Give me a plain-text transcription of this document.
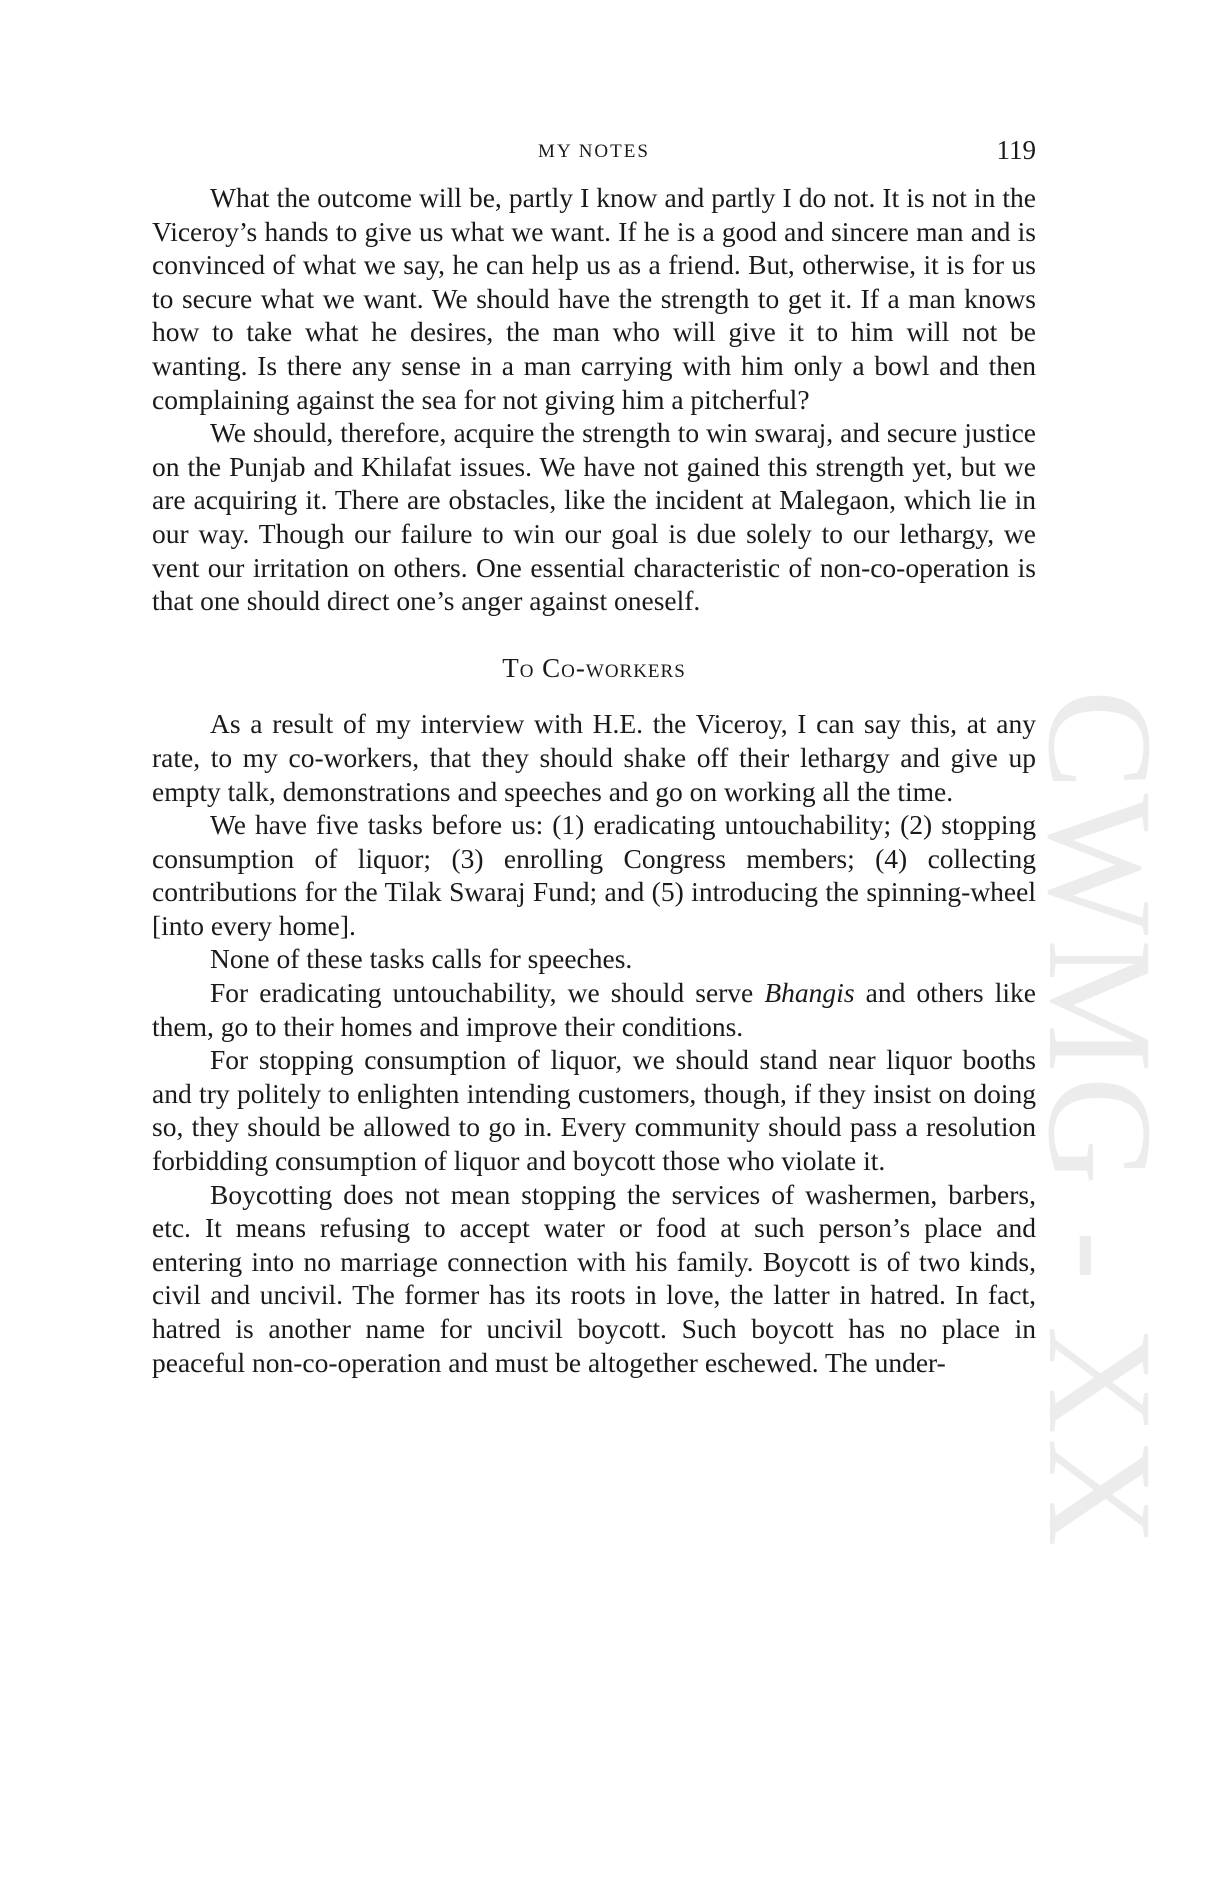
CWMG - XX
MY NOTES	119

What the outcome will be, partly I know and partly I do not. It is not in the Viceroy’s hands to give us what we want. If he is a good and sincere man and is convinced of what we say, he can help us as a friend. But, otherwise, it is for us to secure what we want. We should have the strength to get it. If a man knows how to take what he desires, the man who will give it to him will not be wanting. Is there any sense in a man carrying with him only a bowl and then complaining against the sea for not giving him a pitcherful?

We should, therefore, acquire the strength to win swaraj, and secure justice on the Punjab and Khilafat issues. We have not gained this strength yet, but we are acquiring it. There are obstacles, like the incident at Malegaon, which lie in our way. Though our failure to win our goal is due solely to our lethargy, we vent our irritation on others. One essential characteristic of non-co-operation is that one should direct one’s anger against oneself.

To Co-workers

As a result of my interview with H.E. the Viceroy, I can say this, at any rate, to my co-workers, that they should shake off their lethargy and give up empty talk, demonstrations and speeches and go on working all the time.

We have five tasks before us: (1) eradicating untouchability; (2) stopping consumption of liquor; (3) enrolling Congress members; (4) collecting contributions for the Tilak Swaraj Fund; and (5) introducing the spinning-wheel [into every home].

None of these tasks calls for speeches.

For eradicating untouchability, we should serve Bhangis and others like them, go to their homes and improve their conditions.

For stopping consumption of liquor, we should stand near liquor booths and try politely to enlighten intending customers, though, if they insist on doing so, they should be allowed to go in. Every community should pass a resolution forbidding consumption of liquor and boycott those who violate it.

Boycotting does not mean stopping the services of washermen, barbers, etc. It means refusing to accept water or food at such person’s place and entering into no marriage connection with his family. Boycott is of two kinds, civil and uncivil. The former has its roots in love, the latter in hatred. In fact, hatred is another name for uncivil boycott. Such boycott has no place in peaceful non-co-operation and must be altogether eschewed. The under-
